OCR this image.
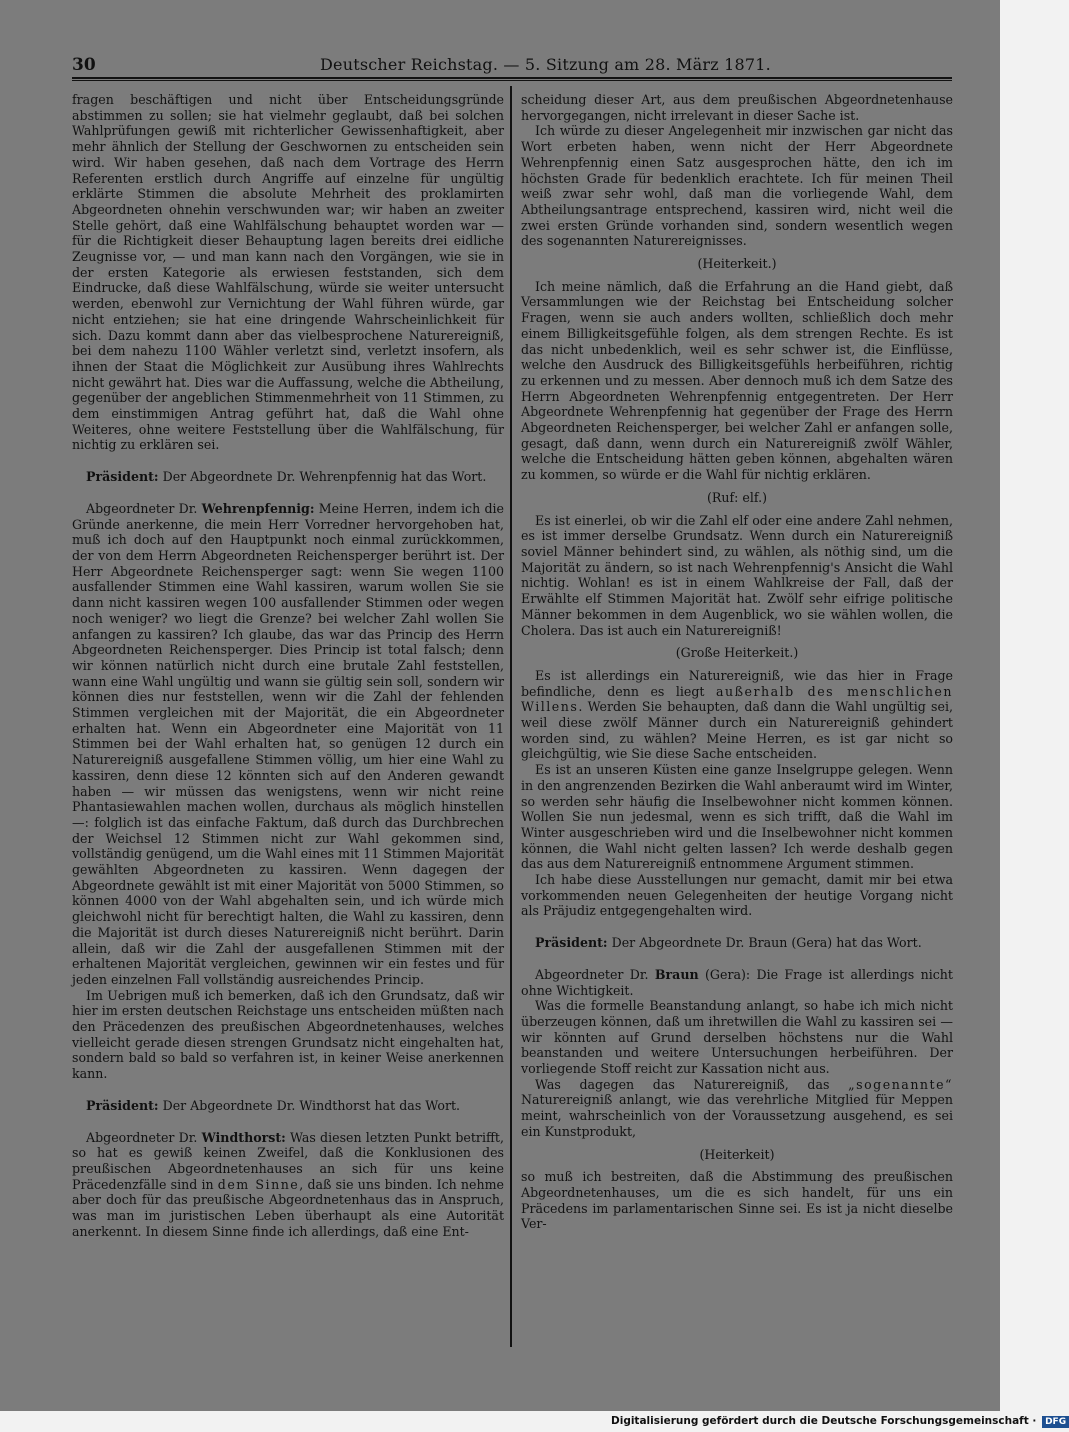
30	Deutscher Reichstag. — 5. Sitzung am 28. März 1871.

fragen beschäftigen und nicht über Entscheidungsgründe abstimmen zu sollen; sie hat vielmehr geglaubt, daß bei solchen Wahlprüfungen gewiß mit richterlicher Gewissenhaftigkeit, aber mehr ähnlich der Stellung der Geschwornen zu entscheiden sein wird. Wir haben gesehen, daß nach dem Vortrage des Herrn Referenten erstlich durch Angriffe auf einzelne für ungültig erklärte Stimmen die absolute Mehrheit des proklamirten Abgeordneten ohnehin verschwunden war; wir haben an zweiter Stelle gehört, daß eine Wahlfälschung behauptet worden war — für die Richtigkeit dieser Behauptung lagen bereits drei eidliche Zeugnisse vor, — und man kann nach den Vorgängen, wie sie in der ersten Kategorie als erwiesen feststanden, sich dem Eindrucke, daß diese Wahlfälschung, würde sie weiter untersucht werden, ebenwohl zur Vernichtung der Wahl führen würde, gar nicht entziehen; sie hat eine dringende Wahrscheinlichkeit für sich. Dazu kommt dann aber das vielbesprochene Naturereigniß, bei dem nahezu 1100 Wähler verletzt sind, verletzt insofern, als ihnen der Staat die Möglichkeit zur Ausübung ihres Wahlrechts nicht gewährt hat. Dies war die Auffassung, welche die Abtheilung, gegenüber der angeblichen Stimmenmehrheit von 11 Stimmen, zu dem einstimmigen Antrag geführt hat, daß die Wahl ohne Weiteres, ohne weitere Feststellung über die Wahlfälschung, für nichtig zu erklären sei.

Präsident: Der Abgeordnete Dr. Wehrenpfennig hat das Wort.

Abgeordneter Dr. Wehrenpfennig: Meine Herren, indem ich die Gründe anerkenne, die mein Herr Vorredner hervorgehoben hat, muß ich doch auf den Hauptpunkt noch einmal zurückkommen, der von dem Herrn Abgeordneten Reichensperger berührt ist. Der Herr Abgeordnete Reichensperger sagt: wenn Sie wegen 1100 ausfallender Stimmen eine Wahl kassiren, warum wollen Sie sie dann nicht kassiren wegen 100 ausfallender Stimmen oder wegen noch weniger? wo liegt die Grenze? bei welcher Zahl wollen Sie anfangen zu kassiren? Ich glaube, das war das Princip des Herrn Abgeordneten Reichensperger. Dies Princip ist total falsch; denn wir können natürlich nicht durch eine brutale Zahl feststellen, wann eine Wahl ungültig und wann sie gültig sein soll, sondern wir können dies nur feststellen, wenn wir die Zahl der fehlenden Stimmen vergleichen mit der Majorität, die ein Abgeordneter erhalten hat. Wenn ein Abgeordneter eine Majorität von 11 Stimmen bei der Wahl erhalten hat, so genügen 12 durch ein Naturereigniß ausgefallene Stimmen völlig, um hier eine Wahl zu kassiren, denn diese 12 könnten sich auf den Anderen gewandt haben — wir müssen das wenigstens, wenn wir nicht reine Phantasiewahlen machen wollen, durchaus als möglich hinstellen —: folglich ist das einfache Faktum, daß durch das Durchbrechen der Weichsel 12 Stimmen nicht zur Wahl gekommen sind, vollständig genügend, um die Wahl eines mit 11 Stimmen Majorität gewählten Abgeordneten zu kassiren. Wenn dagegen der Abgeordnete gewählt ist mit einer Majorität von 5000 Stimmen, so können 4000 von der Wahl abgehalten sein, und ich würde mich gleichwohl nicht für berechtigt halten, die Wahl zu kassiren, denn die Majorität ist durch dieses Naturereigniß nicht berührt. Darin allein, daß wir die Zahl der ausgefallenen Stimmen mit der erhaltenen Majorität vergleichen, gewinnen wir ein festes und für jeden einzelnen Fall vollständig ausreichendes Princip.

Im Uebrigen muß ich bemerken, daß ich den Grundsatz, daß wir hier im ersten deutschen Reichstage uns entscheiden müßten nach den Präcedenzen des preußischen Abgeordnetenhauses, welches vielleicht gerade diesen strengen Grundsatz nicht eingehalten hat, sondern bald so bald so verfahren ist, in keiner Weise anerkennen kann.

Präsident: Der Abgeordnete Dr. Windthorst hat das Wort.

Abgeordneter Dr. Windthorst: Was diesen letzten Punkt betrifft, so hat es gewiß keinen Zweifel, daß die Konklusionen des preußischen Abgeordnetenhauses an sich für uns keine Präcedenzfälle sind in dem Sinne, daß sie uns binden. Ich nehme aber doch für das preußische Abgeordnetenhaus das in Anspruch, was man im juristischen Leben überhaupt als eine Autorität anerkennt. In diesem Sinne finde ich allerdings, daß eine Ent-

scheidung dieser Art, aus dem preußischen Abgeordnetenhause hervorgegangen, nicht irrelevant in dieser Sache ist.

Ich würde zu dieser Angelegenheit mir inzwischen gar nicht das Wort erbeten haben, wenn nicht der Herr Abgeordnete Wehrenpfennig einen Satz ausgesprochen hätte, den ich im höchsten Grade für bedenklich erachtete. Ich für meinen Theil weiß zwar sehr wohl, daß man die vorliegende Wahl, dem Abtheilungsantrage entsprechend, kassiren wird, nicht weil die zwei ersten Gründe vorhanden sind, sondern wesentlich wegen des sogenannten Naturereignisses.

(Heiterkeit.)

Ich meine nämlich, daß die Erfahrung an die Hand giebt, daß Versammlungen wie der Reichstag bei Entscheidung solcher Fragen, wenn sie auch anders wollten, schließlich doch mehr einem Billigkeitsgefühle folgen, als dem strengen Rechte. Es ist das nicht unbedenklich, weil es sehr schwer ist, die Einflüsse, welche den Ausdruck des Billigkeitsgefühls herbeiführen, richtig zu erkennen und zu messen. Aber dennoch muß ich dem Satze des Herrn Abgeordneten Wehrenpfennig entgegentreten. Der Herr Abgeordnete Wehrenpfennig hat gegenüber der Frage des Herrn Abgeordneten Reichensperger, bei welcher Zahl er anfangen solle, gesagt, daß dann, wenn durch ein Naturereigniß zwölf Wähler, welche die Entscheidung hätten geben können, abgehalten wären zu kommen, so würde er die Wahl für nichtig erklären.

(Ruf: elf.)

Es ist einerlei, ob wir die Zahl elf oder eine andere Zahl nehmen, es ist immer derselbe Grundsatz. Wenn durch ein Naturereigniß soviel Männer behindert sind, zu wählen, als nöthig sind, um die Majorität zu ändern, so ist nach Wehrenpfennig's Ansicht die Wahl nichtig. Wohlan! es ist in einem Wahlkreise der Fall, daß der Erwählte elf Stimmen Majorität hat. Zwölf sehr eifrige politische Männer bekommen in dem Augenblick, wo sie wählen wollen, die Cholera. Das ist auch ein Naturereigniß!

(Große Heiterkeit.)

Es ist allerdings ein Naturereigniß, wie das hier in Frage befindliche, denn es liegt außerhalb des menschlichen Willens. Werden Sie behaupten, daß dann die Wahl ungültig sei, weil diese zwölf Männer durch ein Naturereigniß gehindert worden sind, zu wählen? Meine Herren, es ist gar nicht so gleichgültig, wie Sie diese Sache entscheiden.

Es ist an unseren Küsten eine ganze Inselgruppe gelegen. Wenn in den angrenzenden Bezirken die Wahl anberaumt wird im Winter, so werden sehr häufig die Inselbewohner nicht kommen können. Wollen Sie nun jedesmal, wenn es sich trifft, daß die Wahl im Winter ausgeschrieben wird und die Inselbewohner nicht kommen können, die Wahl nicht gelten lassen? Ich werde deshalb gegen das aus dem Naturereigniß entnommene Argument stimmen.

Ich habe diese Ausstellungen nur gemacht, damit mir bei etwa vorkommenden neuen Gelegenheiten der heutige Vorgang nicht als Präjudiz entgegengehalten wird.

Präsident: Der Abgeordnete Dr. Braun (Gera) hat das Wort.

Abgeordneter Dr. Braun (Gera): Die Frage ist allerdings nicht ohne Wichtigkeit.

Was die formelle Beanstandung anlangt, so habe ich mich nicht überzeugen können, daß um ihretwillen die Wahl zu kassiren sei — wir könnten auf Grund derselben höchstens nur die Wahl beanstanden und weitere Untersuchungen herbeiführen. Der vorliegende Stoff reicht zur Kassation nicht aus.

Was dagegen das Naturereigniß, das „sogenannte“ Naturereigniß anlangt, wie das verehrliche Mitglied für Meppen meint, wahrscheinlich von der Voraussetzung ausgehend, es sei ein Kunstprodukt,

(Heiterkeit)

so muß ich bestreiten, daß die Abstimmung des preußischen Abgeordnetenhauses, um die es sich handelt, für uns ein Präcedens im parlamentarischen Sinne sei. Es ist ja nicht dieselbe Ver-

Digitalisierung gefördert durch die Deutsche Forschungsgemeinschaft · DFG
